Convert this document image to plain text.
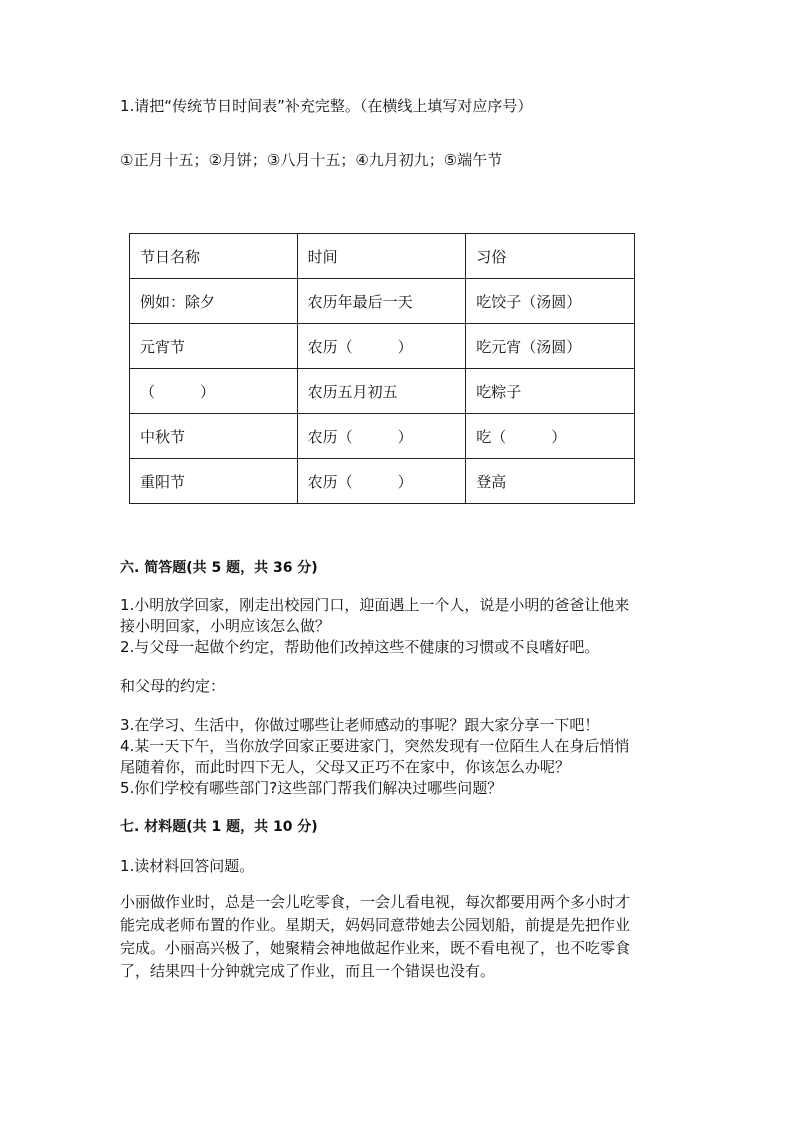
1.请把“传统节日时间表”补充完整。（在横线上填写对应序号）
①正月十五；②月饼；③八月十五；④九月初九；⑤端午节
节日名称	时间	习俗
例如：除夕	农历年最后一天	吃饺子（汤圆）
元宵节	农历（　　　）	吃元宵（汤圆）
（　　　）	农历五月初五	吃粽子
中秋节	农历（　　　）	吃（　　　）
重阳节	农历（　　　）	登高
六. 简答题(共 5 题，共 36 分)
1.小明放学回家，刚走出校园门口，迎面遇上一个人，说是小明的爸爸让他来
接小明回家，小明应该怎么做？
2.与父母一起做个约定，帮助他们改掉这些不健康的习惯或不良嗜好吧。
和父母的约定：
3.在学习、生活中，你做过哪些让老师感动的事呢？跟大家分享一下吧！
4.某一天下午，当你放学回家正要进家门，突然发现有一位陌生人在身后悄悄
尾随着你，而此时四下无人，父母又正巧不在家中，你该怎么办呢？
5.你们学校有哪些部门?这些部门帮我们解决过哪些问题？
七. 材料题(共 1 题，共 10 分)
1.读材料回答问题。
小丽做作业时，总是一会儿吃零食，一会儿看电视，每次都要用两个多小时才
能完成老师布置的作业。星期天，妈妈同意带她去公园划船，前提是先把作业
完成。小丽高兴极了，她聚精会神地做起作业来，既不看电视了，也不吃零食
了，结果四十分钟就完成了作业，而且一个错误也没有。
